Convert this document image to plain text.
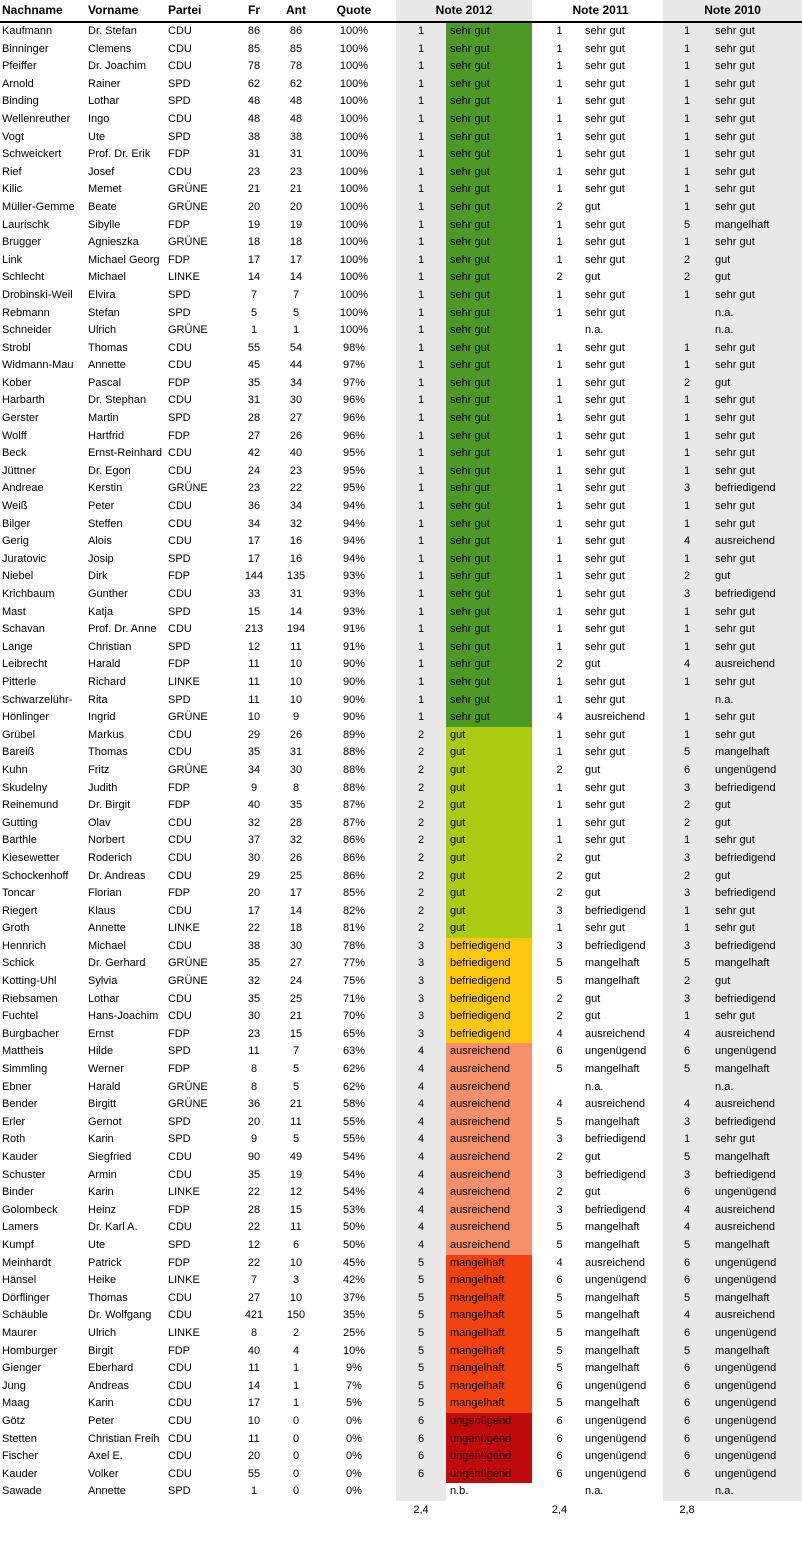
Nachname	Vorname	Partei	Fr	Ant	Quote	Note 2012			Note 2011		Note 2010	
Kaufmann	Dr. Stefan	CDU	86	86	100%	1	sehr gut		1	sehr gut	1	sehr gut
Binninger	Clemens	CDU	85	85	100%	1	sehr gut		1	sehr gut	1	sehr gut
Pfeiffer	Dr. Joachim	CDU	78	78	100%	1	sehr gut		1	sehr gut	1	sehr gut
Arnold	Rainer	SPD	62	62	100%	1	sehr gut		1	sehr gut	1	sehr gut
Binding	Lothar	SPD	48	48	100%	1	sehr gut		1	sehr gut	1	sehr gut
Wellenreuther	Ingo	CDU	48	48	100%	1	sehr gut		1	sehr gut	1	sehr gut
Vogt	Ute	SPD	38	38	100%	1	sehr gut		1	sehr gut	1	sehr gut
Schweickert	Prof. Dr. Erik	FDP	31	31	100%	1	sehr gut		1	sehr gut	1	sehr gut
Rief	Josef	CDU	23	23	100%	1	sehr gut		1	sehr gut	1	sehr gut
Kilic	Memet	GRÜNE	21	21	100%	1	sehr gut		1	sehr gut	1	sehr gut
Müller-Gemme	Beate	GRÜNE	20	20	100%	1	sehr gut		2	gut	1	sehr gut
Laurischk	Sibylle	FDP	19	19	100%	1	sehr gut		1	sehr gut	5	mangelhaft
Brugger	Agnieszka	GRÜNE	18	18	100%	1	sehr gut		1	sehr gut	1	sehr gut
Link	Michael Georg	FDP	17	17	100%	1	sehr gut		1	sehr gut	2	gut
Schlecht	Michael	LINKE	14	14	100%	1	sehr gut		2	gut	2	gut
Drobinski-Weil	Elvira	SPD	7	7	100%	1	sehr gut		1	sehr gut	1	sehr gut
Rebmann	Stefan	SPD	5	5	100%	1	sehr gut		1	sehr gut		n.a.
Schneider	Ulrich	GRÜNE	1	1	100%	1	sehr gut			n.a.		n.a.
Strobl	Thomas	CDU	55	54	98%	1	sehr gut		1	sehr gut	1	sehr gut
Widmann-Mau	Annette	CDU	45	44	97%	1	sehr gut		1	sehr gut	1	sehr gut
Kober	Pascal	FDP	35	34	97%	1	sehr gut		1	sehr gut	2	gut
Harbarth	Dr. Stephan	CDU	31	30	96%	1	sehr gut		1	sehr gut	1	sehr gut
Gerster	Martin	SPD	28	27	96%	1	sehr gut		1	sehr gut	1	sehr gut
Wolff	Hartfrid	FDP	27	26	96%	1	sehr gut		1	sehr gut	1	sehr gut
Beck	Ernst-Reinhard	CDU	42	40	95%	1	sehr gut		1	sehr gut	1	sehr gut
Jüttner	Dr. Egon	CDU	24	23	95%	1	sehr gut		1	sehr gut	1	sehr gut
Andreae	Kerstin	GRÜNE	23	22	95%	1	sehr gut		1	sehr gut	3	befriedigend
Weiß	Peter	CDU	36	34	94%	1	sehr gut		1	sehr gut	1	sehr gut
Bilger	Steffen	CDU	34	32	94%	1	sehr gut		1	sehr gut	1	sehr gut
Gerig	Alois	CDU	17	16	94%	1	sehr gut		1	sehr gut	4	ausreichend
Juratovic	Josip	SPD	17	16	94%	1	sehr gut		1	sehr gut	1	sehr gut
Niebel	Dirk	FDP	144	135	93%	1	sehr gut		1	sehr gut	2	gut
Krichbaum	Gunther	CDU	33	31	93%	1	sehr gut		1	sehr gut	3	befriedigend
Mast	Katja	SPD	15	14	93%	1	sehr gut		1	sehr gut	1	sehr gut
Schavan	Prof. Dr. Anne	CDU	213	194	91%	1	sehr gut		1	sehr gut	1	sehr gut
Lange	Christian	SPD	12	11	91%	1	sehr gut		1	sehr gut	1	sehr gut
Leibrecht	Harald	FDP	11	10	90%	1	sehr gut		2	gut	4	ausreichend
Pitterle	Richard	LINKE	11	10	90%	1	sehr gut		1	sehr gut	1	sehr gut
Schwarzelühr-	Rita	SPD	11	10	90%	1	sehr gut		1	sehr gut		n.a.
Hönlinger	Ingrid	GRÜNE	10	9	90%	1	sehr gut		4	ausreichend	1	sehr gut
Grübel	Markus	CDU	29	26	89%	2	gut		1	sehr gut	1	sehr gut
Bareiß	Thomas	CDU	35	31	88%	2	gut		1	sehr gut	5	mangelhaft
Kuhn	Fritz	GRÜNE	34	30	88%	2	gut		2	gut	6	ungenügend
Skudelny	Judith	FDP	9	8	88%	2	gut		1	sehr gut	3	befriedigend
Reinemund	Dr. Birgit	FDP	40	35	87%	2	gut		1	sehr gut	2	gut
Gutting	Olav	CDU	32	28	87%	2	gut		1	sehr gut	2	gut
Barthle	Norbert	CDU	37	32	86%	2	gut		1	sehr gut	1	sehr gut
Kiesewetter	Roderich	CDU	30	26	86%	2	gut		2	gut	3	befriedigend
Schockenhoff	Dr. Andreas	CDU	29	25	86%	2	gut		2	gut	2	gut
Toncar	Florian	FDP	20	17	85%	2	gut		2	gut	3	befriedigend
Riegert	Klaus	CDU	17	14	82%	2	gut		3	befriedigend	1	sehr gut
Groth	Annette	LINKE	22	18	81%	2	gut		1	sehr gut	1	sehr gut
Hennrich	Michael	CDU	38	30	78%	3	befriedigend		3	befriedigend	3	befriedigend
Schick	Dr. Gerhard	GRÜNE	35	27	77%	3	befriedigend		5	mangelhaft	5	mangelhaft
Kotting-Uhl	Sylvia	GRÜNE	32	24	75%	3	befriedigend		5	mangelhaft	2	gut
Riebsamen	Lothar	CDU	35	25	71%	3	befriedigend		2	gut	3	befriedigend
Fuchtel	Hans-Joachim	CDU	30	21	70%	3	befriedigend		2	gut	1	sehr gut
Burgbacher	Ernst	FDP	23	15	65%	3	befriedigend		4	ausreichend	4	ausreichend
Mattheis	Hilde	SPD	11	7	63%	4	ausreichend		6	ungenügend	6	ungenügend
Simmling	Werner	FDP	8	5	62%	4	ausreichend		5	mangelhaft	5	mangelhaft
Ebner	Harald	GRÜNE	8	5	62%	4	ausreichend			n.a.		n.a.
Bender	Birgitt	GRÜNE	36	21	58%	4	ausreichend		4	ausreichend	4	ausreichend
Erler	Gernot	SPD	20	11	55%	4	ausreichend		5	mangelhaft	3	befriedigend
Roth	Karin	SPD	9	5	55%	4	ausreichend		3	befriedigend	1	sehr gut
Kauder	Siegfried	CDU	90	49	54%	4	ausreichend		2	gut	5	mangelhaft
Schuster	Armin	CDU	35	19	54%	4	ausreichend		3	befriedigend	3	befriedigend
Binder	Karin	LINKE	22	12	54%	4	ausreichend		2	gut	6	ungenügend
Golombeck	Heinz	FDP	28	15	53%	4	ausreichend		3	befriedigend	4	ausreichend
Lamers	Dr. Karl A.	CDU	22	11	50%	4	ausreichend		5	mangelhaft	4	ausreichend
Kumpf	Ute	SPD	12	6	50%	4	ausreichend		5	mangelhaft	5	mangelhaft
Meinhardt	Patrick	FDP	22	10	45%	5	mangelhaft		4	ausreichend	6	ungenügend
Hänsel	Heike	LINKE	7	3	42%	5	mangelhaft		6	ungenügend	6	ungenügend
Dörflinger	Thomas	CDU	27	10	37%	5	mangelhaft		5	mangelhaft	5	mangelhaft
Schäuble	Dr. Wolfgang	CDU	421	150	35%	5	mangelhaft		5	mangelhaft	4	ausreichend
Maurer	Ulrich	LINKE	8	2	25%	5	mangelhaft		5	mangelhaft	6	ungenügend
Homburger	Birgit	FDP	40	4	10%	5	mangelhaft		5	mangelhaft	5	mangelhaft
Gienger	Eberhard	CDU	11	1	9%	5	mangelhaft		5	mangelhaft	6	ungenügend
Jung	Andreas	CDU	14	1	7%	5	mangelhaft		6	ungenügend	6	ungenügend
Maag	Karin	CDU	17	1	5%	5	mangelhaft		5	mangelhaft	6	ungenügend
Götz	Peter	CDU	10	0	0%	6	ungenügend		6	ungenügend	6	ungenügend
Stetten	Christian Freih	CDU	11	0	0%	6	ungenügend		6	ungenügend	6	ungenügend
Fischer	Axel E.	CDU	20	0	0%	6	ungenügend		6	ungenügend	6	ungenügend
Kauder	Volker	CDU	55	0	0%	6	ungenügend		6	ungenügend	6	ungenügend
Sawade	Annette	SPD	1	0	0%		n.b.			n.a.		n.a.
						2,4			2,4		2,8	
